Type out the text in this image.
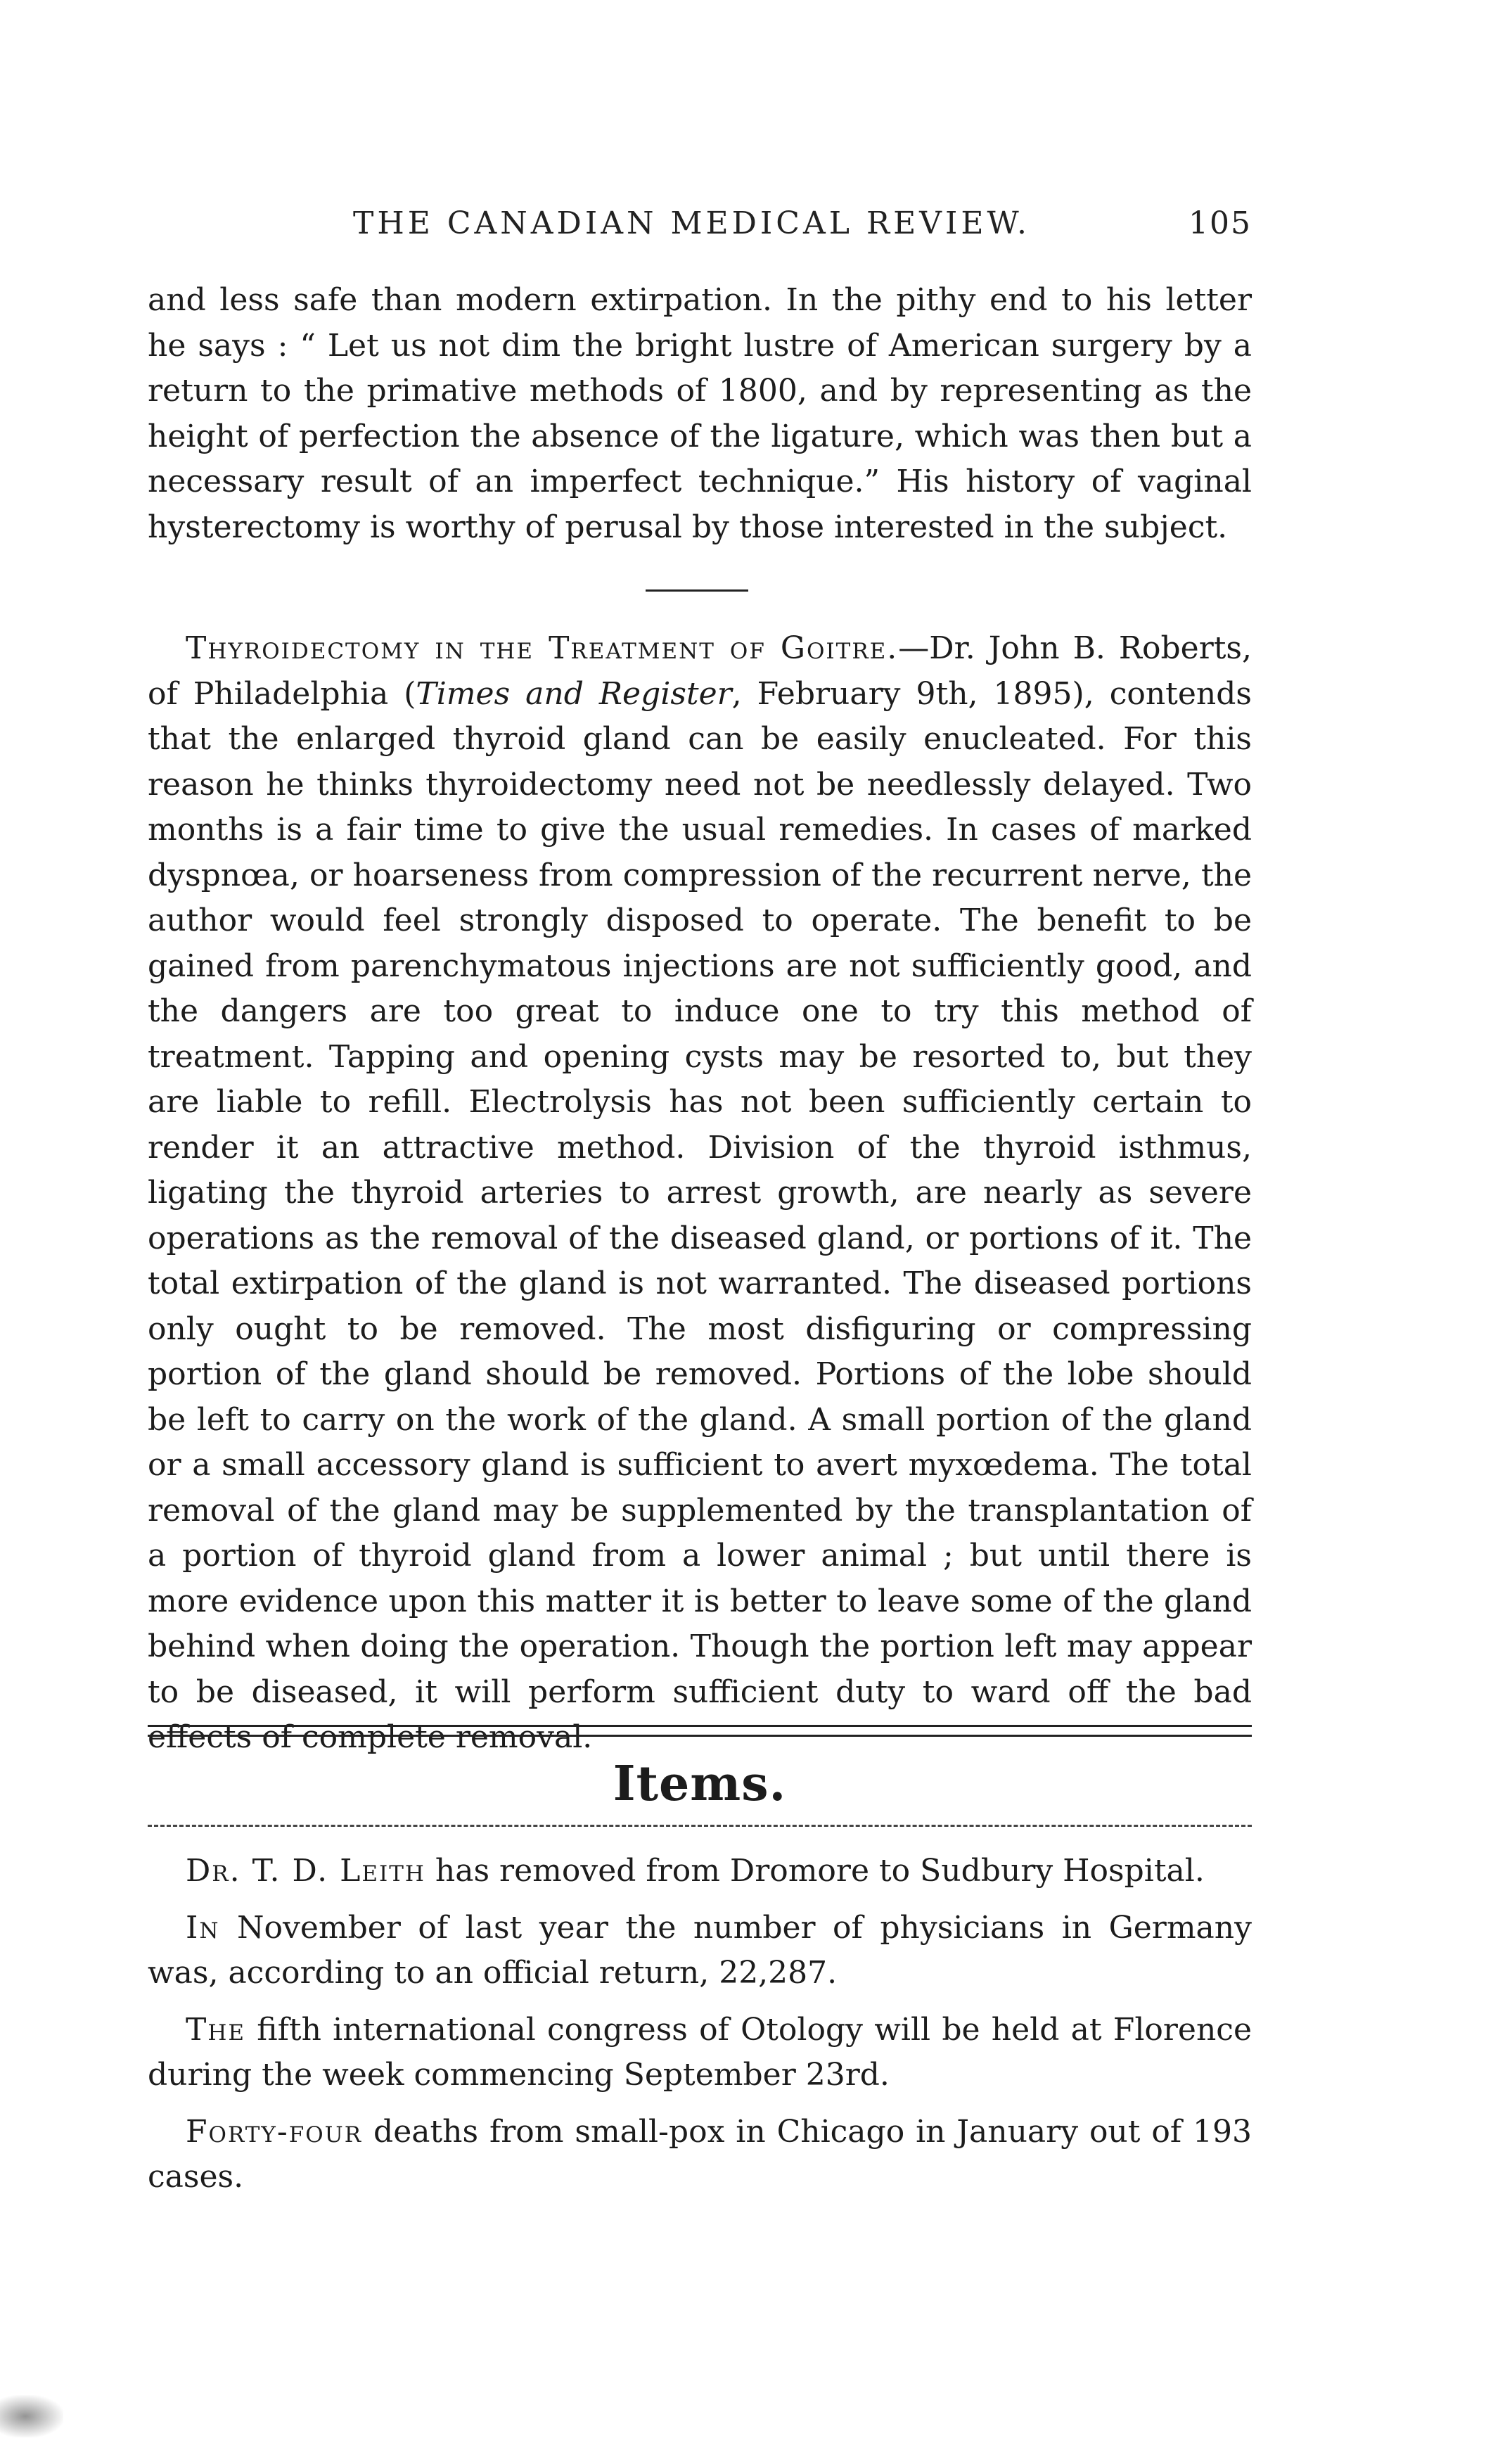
THE CANADIAN MEDICAL REVIEW.	105

and less safe than modern extirpation. In the pithy end to his letter he says : “ Let us not dim the bright lustre of American surgery by a return to the primative methods of 1800, and by representing as the height of perfection the absence of the ligature, which was then but a necessary result of an imperfect technique.” His history of vaginal hysterectomy is worthy of perusal by those interested in the subject.

Thyroidectomy in the Treatment of Goitre.—Dr. John B. Roberts, of Philadelphia (Times and Register, February 9th, 1895), contends that the enlarged thyroid gland can be easily enucleated. For this reason he thinks thyroidectomy need not be needlessly delayed. Two months is a fair time to give the usual remedies. In cases of marked dyspnœa, or hoarseness from compression of the recurrent nerve, the author would feel strongly disposed to operate. The benefit to be gained from parenchymatous injections are not sufficiently good, and the dangers are too great to induce one to try this method of treatment. Tapping and opening cysts may be resorted to, but they are liable to refill. Electrolysis has not been sufficiently certain to render it an attractive method. Division of the thyroid isthmus, ligating the thyroid arteries to arrest growth, are nearly as severe operations as the removal of the diseased gland, or portions of it. The total extirpation of the gland is not warranted. The diseased portions only ought to be removed. The most disfiguring or compressing portion of the gland should be removed. Portions of the lobe should be left to carry on the work of the gland. A small portion of the gland or a small accessory gland is sufficient to avert myxœdema. The total removal of the gland may be supplemented by the transplantation of a portion of thyroid gland from a lower animal ; but until there is more evidence upon this matter it is better to leave some of the gland behind when doing the operation. Though the portion left may appear to be diseased, it will perform sufficient duty to ward off the bad effects of complete removal.

Items.

Dr. T. D. Leith has removed from Dromore to Sudbury Hospital.

In November of last year the number of physicians in Germany was, according to an official return, 22,287.

The fifth international congress of Otology will be held at Florence during the week commencing September 23rd.

Forty-four deaths from small-pox in Chicago in January out of 193 cases.
